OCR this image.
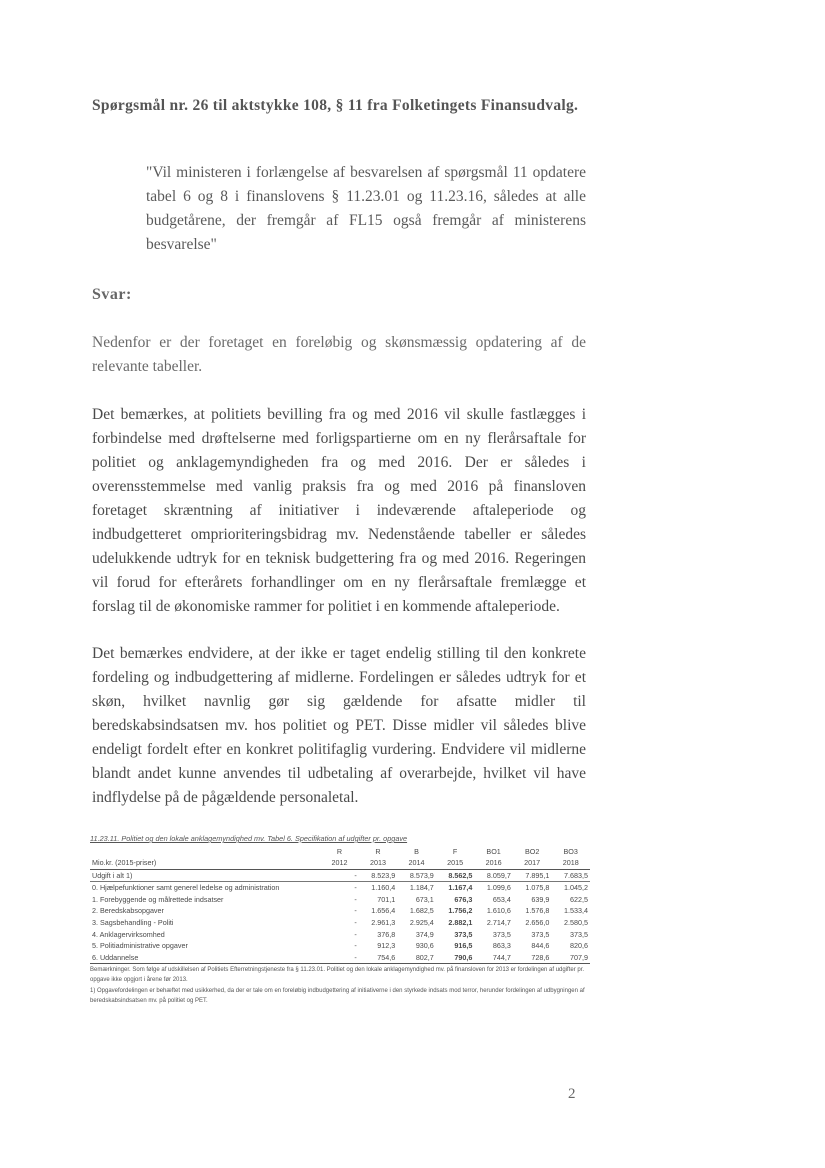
Spørgsmål nr. 26 til aktstykke 108, § 11 fra Folketingets Finansudvalg.
"Vil ministeren i forlængelse af besvarelsen af spørgsmål 11 opdatere tabel 6 og 8 i finanslovens § 11.23.01 og 11.23.16, således at alle budgetårene, der fremgår af FL15 også fremgår af ministerens besvarelse"
Svar:
Nedenfor er der foretaget en foreløbig og skønsmæssig opdatering af de relevante tabeller.
Det bemærkes, at politiets bevilling fra og med 2016 vil skulle fastlægges i forbindelse med drøftelserne med forligspartierne om en ny flerårsaftale for politiet og anklagemyndigheden fra og med 2016. Der er således i overensstemmelse med vanlig praksis fra og med 2016 på finansloven foretaget skræntning af initiativer i indeværende aftaleperiode og indbudgetteret omprioriteringsbidrag mv. Nedenstående tabeller er således udelukkende udtryk for en teknisk budgettering fra og med 2016. Regeringen vil forud for efterårets forhandlinger om en ny flerårsaftale fremlægge et forslag til de økonomiske rammer for politiet i en kommende aftaleperiode.
Det bemærkes endvidere, at der ikke er taget endelig stilling til den konkrete fordeling og indbudgettering af midlerne. Fordelingen er således udtryk for et skøn, hvilket navnlig gør sig gældende for afsatte midler til beredskabsindsatsen mv. hos politiet og PET. Disse midler vil således blive endeligt fordelt efter en konkret politifaglig vurdering. Endvidere vil midlerne blandt andet kunne anvendes til udbetaling af overarbejde, hvilket vil have indflydelse på de pågældende personaletal.
11.23.11. Politiet og den lokale anklagemyndighed mv. Tabel 6. Specifikation af udgifter pr. opgave
	R	R	B	F	BO1	BO2	BO3
Mio.kr. (2015-priser)	2012	2013	2014	2015	2016	2017	2018
Udgift i alt 1)	-	8.523,9	8.573,9	8.562,5	8.059,7	7.895,1	7.683,5
0. Hjælpefunktioner samt generel ledelse og administration	-	1.160,4	1.184,7	1.167,4	1.099,6	1.075,8	1.045,2
1. Forebyggende og målrettede indsatser	-	701,1	673,1	676,3	653,4	639,9	622,5
2. Beredskabsopgaver	-	1.656,4	1.682,5	1.756,2	1.610,6	1.576,8	1.533,4
3. Sagsbehandling - Politi	-	2.961,3	2.925,4	2.882,1	2.714,7	2.656,0	2.580,5
4. Anklagervirksomhed	-	376,8	374,9	373,5	373,5	373,5	373,5
5. Politiadministrative opgaver	-	912,3	930,6	916,5	863,3	844,6	820,6
6. Uddannelse	-	754,6	802,7	790,6	744,7	728,6	707,9

Bemærkninger. Som følge af udskillelsen af Politiets Efterretningstjeneste fra § 11.23.01. Politiet og den lokale anklagemyndighed mv. på finansloven for 2013 er fordelingen af udgifter pr. opgave ikke opgjort i årene før 2013.

1) Opgavefordelingen er behæftet med usikkerhed, da der er tale om en foreløbig indbudgettering af initiativerne i den styrkede indsats mod terror, herunder fordelingen af udbygningen af beredskabsindsatsen mv. på politiet og PET.

2
